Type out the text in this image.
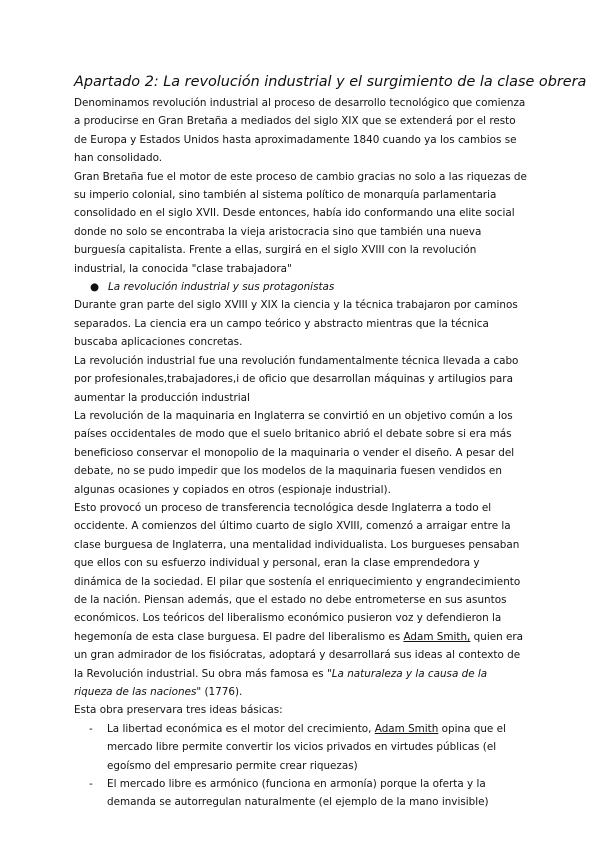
Apartado 2: La revolución industrial y el surgimiento de la clase obrera

Denominamos revolución industrial al proceso de desarrollo tecnológico que comienza a producirse en Gran Bretaña a mediados del siglo XIX que se extenderá por el resto de Europa y Estados Unidos hasta aproximadamente 1840 cuando ya los cambios se han consolidado.

Gran Bretaña fue el motor de este proceso de cambio gracias no solo a las riquezas de su imperio colonial, sino también al sistema político de monarquía parlamentaria consolidado en el siglo XVII. Desde entonces, había ido conformando una elite social donde no solo se encontraba la vieja aristocracia sino que también una nueva burguesía capitalista. Frente a ellas, surgirá en el siglo XVIII con la revolución industrial, la conocida "clase trabajadora"

● La revolución industrial y sus protagonistas

Durante gran parte del siglo XVIII y XIX la ciencia y la técnica trabajaron por caminos separados. La ciencia era un campo teórico y abstracto mientras que la técnica buscaba aplicaciones concretas.

La revolución industrial fue una revolución fundamentalmente técnica llevada a cabo por profesionales,trabajadores,i de oficio que desarrollan máquinas y artilugios para aumentar la producción industrial

La revolución de la maquinaria en Inglaterra se convirtió en un objetivo común a los países occidentales de modo que el suelo britanico abrió el debate sobre si era más beneficioso conservar el monopolio de la maquinaria o vender el diseño. A pesar del debate, no se pudo impedir que los modelos de la maquinaria fuesen vendidos en algunas ocasiones y copiados en otros (espionaje industrial).

Esto provocó un proceso de transferencia tecnológica desde Inglaterra a todo el occidente. A comienzos del último cuarto de siglo XVIII, comenzó a arraigar entre la clase burguesa de Inglaterra, una mentalidad individualista. Los burgueses pensaban que ellos con su esfuerzo individual y personal, eran la clase emprendedora y dinámica de la sociedad. El pilar que sostenía el enriquecimiento y engrandecimiento de la nación. Piensan además, que el estado no debe entrometerse en sus asuntos económicos. Los teóricos del liberalismo económico pusieron voz y defendieron la hegemonía de esta clase burguesa. El padre del liberalismo es Adam Smith, quien era un gran admirador de los fisiócratas, adoptará y desarrollará sus ideas al contexto de la Revolución industrial. Su obra más famosa es "La naturaleza y la causa de la riqueza de las naciones" (1776).

Esta obra preservara tres ideas básicas:

- La libertad económica es el motor del crecimiento, Adam Smith opina que el mercado libre permite convertir los vicios privados en virtudes públicas (el egoísmo del empresario permite crear riquezas)
- El mercado libre es armónico (funciona en armonía) porque la oferta y la demanda se autorregulan naturalmente (el ejemplo de la mano invisible)
